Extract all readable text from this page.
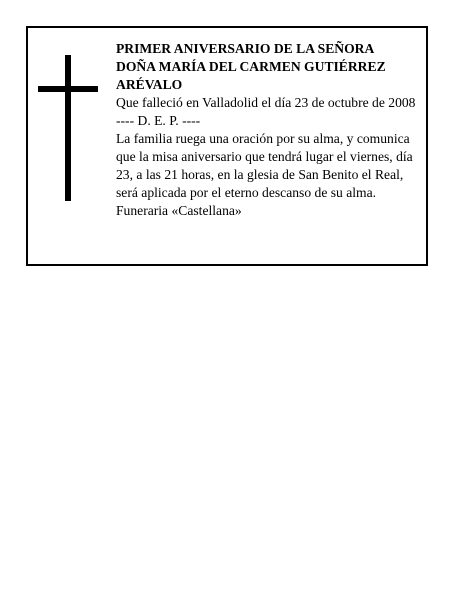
PRIMER ANIVERSARIO DE LA SEÑORA

DOÑA MARÍA DEL CARMEN GUTIÉRREZ

ARÉVALO

Que falleció en Valladolid el día 23 de octubre de 2008

---- D. E. P. ----

La familia ruega una oración por su alma, y comunica

que la misa aniversario que tendrá lugar el viernes, día

23, a las 21 horas, en la glesia de San Benito el Real,

será aplicada por el eterno descanso de su alma.

Funeraria «Castellana»
